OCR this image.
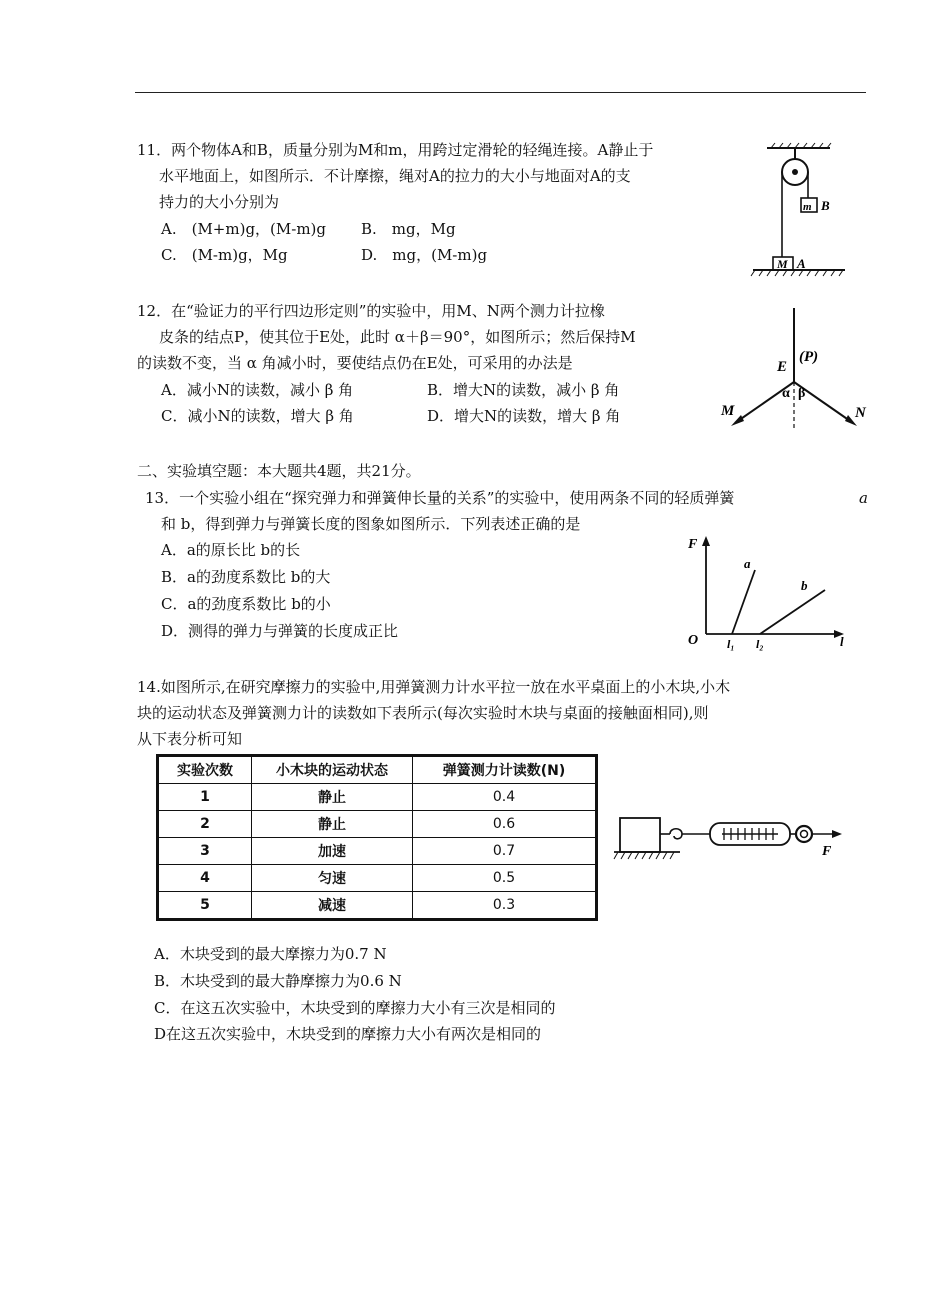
11．两个物体A和B，质量分别为M和m，用跨过定滑轮的轻绳连接。A静止于
水平地面上，如图所示．不计摩擦，绳对A的拉力的大小与地面对A的支
持力的大小分别为
A.　(M+m)g，(M-m)g B.　mg，Mg
C.　(M-m)g，Mg	D.　mg，(M-m)g
m B
M A
12．在“验证力的平行四边形定则”的实验中，用M、N两个测力计拉橡
皮条的结点P，使其位于E处，此时 α＋β＝90°，如图所示；然后保持M
的读数不变，当 α 角减小时，要使结点仍在E处，可采用的办法是
A．减小N的读数，减小 β 角	B．增大N的读数，减小 β 角
C．减小N的读数，增大 β 角	D．增大N的读数，增大 β 角
E
(P)
α β
M	N
二、实验填空题：本大题共4题，共21分。
13．一个实验小组在“探究弹力和弹簧伸长量的关系”的实验中，使用两条不同的轻质弹簧	a
和 b，得到弹力与弹簧长度的图象如图所示．下列表述正确的是
A．a的原长比 b的长
B．a的劲度系数比 b的大
C．a的劲度系数比 b的小
D．测得的弹力与弹簧的长度成正比
F
O
a
b
l₁ l₂	l
14.如图所示,在研究摩擦力的实验中,用弹簧测力计水平拉一放在水平桌面上的小木块,小木
块的运动状态及弹簧测力计的读数如下表所示(每次实验时木块与桌面的接触面相同),则
从下表分析可知
实验次数	小木块的运动状态	弹簧测力计读数(N)
1	静止	0.4
2	静止	0.6
3	加速	0.7
4	匀速	0.5
5	减速	0.3
F
A．木块受到的最大摩擦力为0.7 N
B．木块受到的最大静摩擦力为0.6 N
C．在这五次实验中，木块受到的摩擦力大小有三次是相同的
D在这五次实验中，木块受到的摩擦力大小有两次是相同的
